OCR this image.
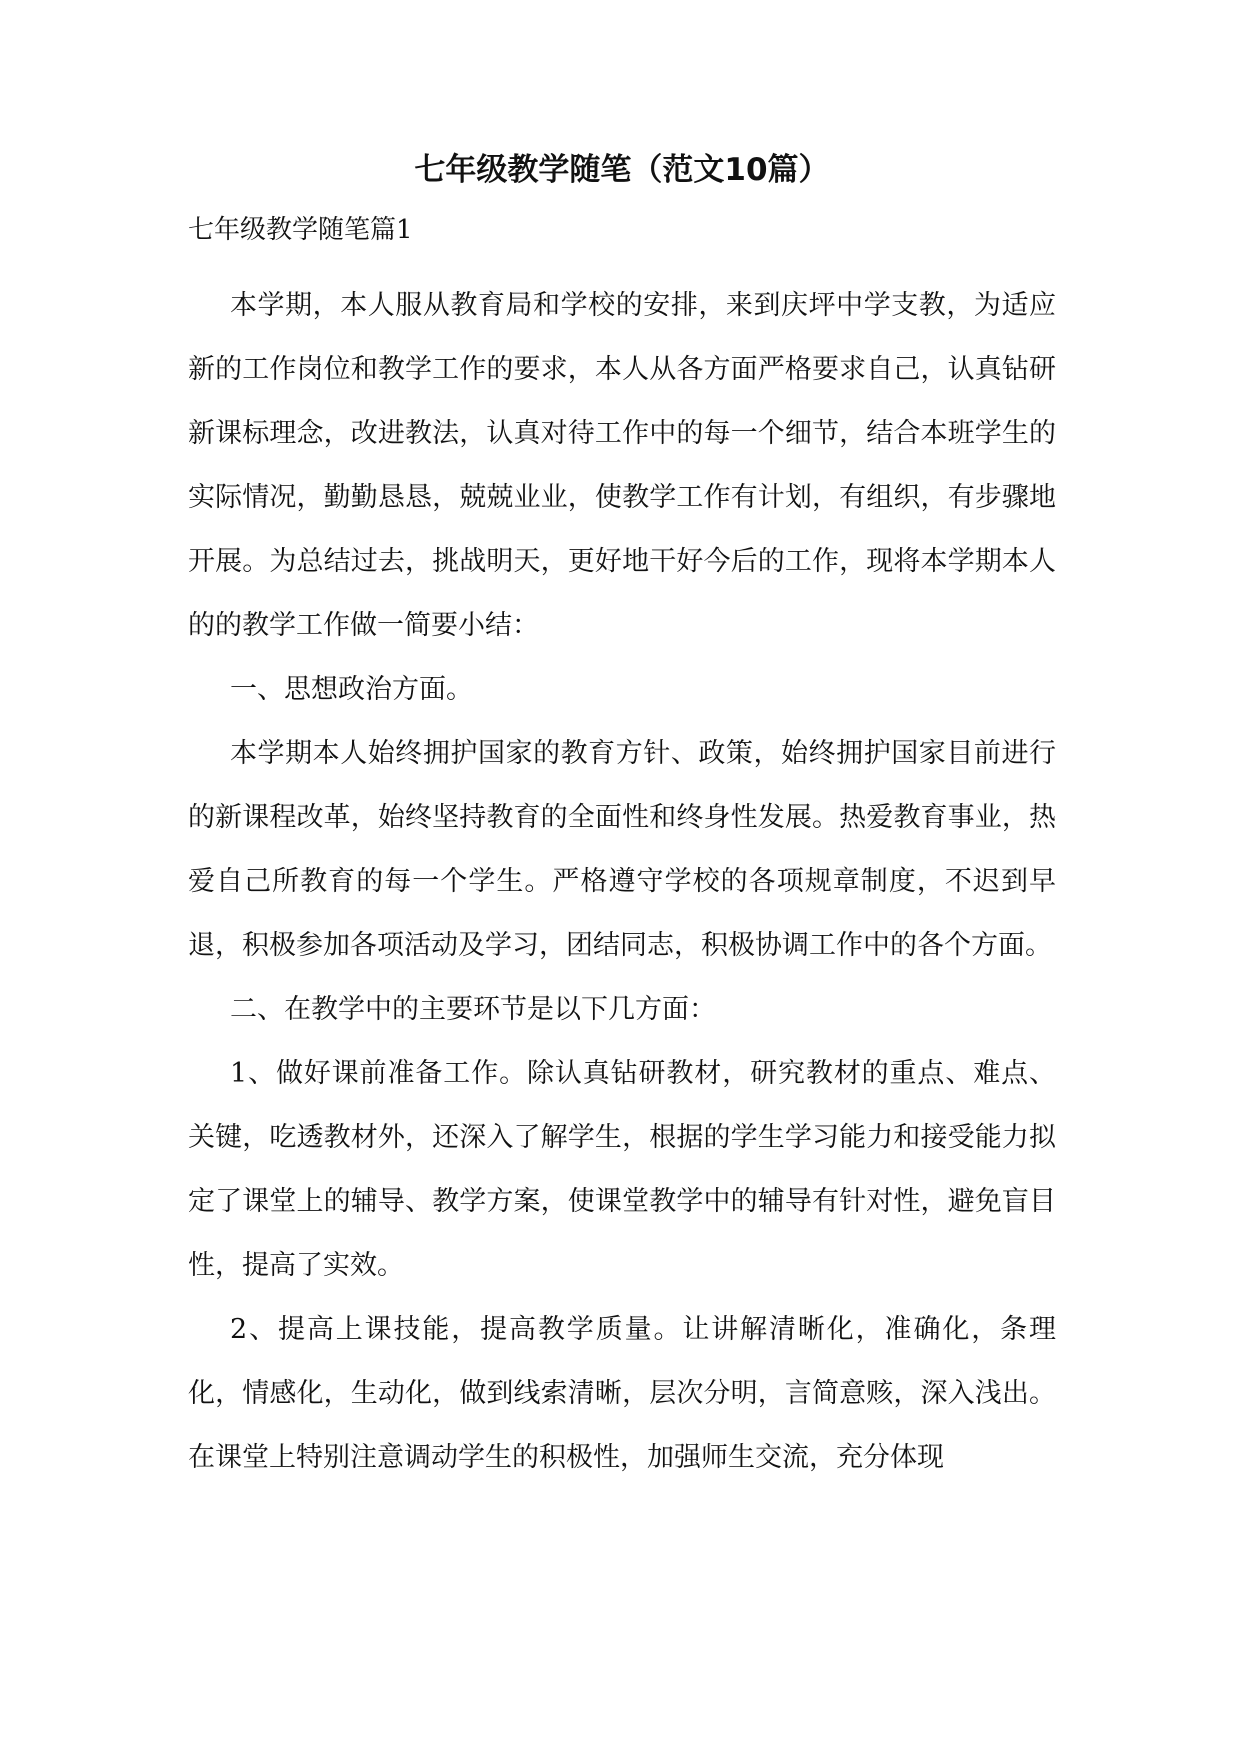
七年级教学随笔（范文10篇）
七年级教学随笔篇1

本学期，本人服从教育局和学校的安排，来到庆坪中学支教，为适应新的工作岗位和教学工作的要求，本人从各方面严格要求自己，认真钻研新课标理念，改进教法，认真对待工作中的每一个细节，结合本班学生的实际情况，勤勤恳恳，兢兢业业，使教学工作有计划，有组织，有步骤地开展。为总结过去，挑战明天，更好地干好今后的工作，现将本学期本人的的教学工作做一简要小结：

一、思想政治方面。

本学期本人始终拥护国家的教育方针、政策，始终拥护国家目前进行的新课程改革，始终坚持教育的全面性和终身性发展。热爱教育事业，热爱自己所教育的每一个学生。严格遵守学校的各项规章制度，不迟到早退，积极参加各项活动及学习，团结同志，积极协调工作中的各个方面。

二、在教学中的主要环节是以下几方面：

1、做好课前准备工作。除认真钻研教材，研究教材的重点、难点、关键，吃透教材外，还深入了解学生，根据的学生学习能力和接受能力拟定了课堂上的辅导、教学方案，使课堂教学中的辅导有针对性，避免盲目性，提高了实效。

2、提高上课技能，提高教学质量。让讲解清晰化，准确化，条理化，情感化，生动化，做到线索清晰，层次分明，言简意赅，深入浅出。在课堂上特别注意调动学生的积极性，加强师生交流，充分体现
